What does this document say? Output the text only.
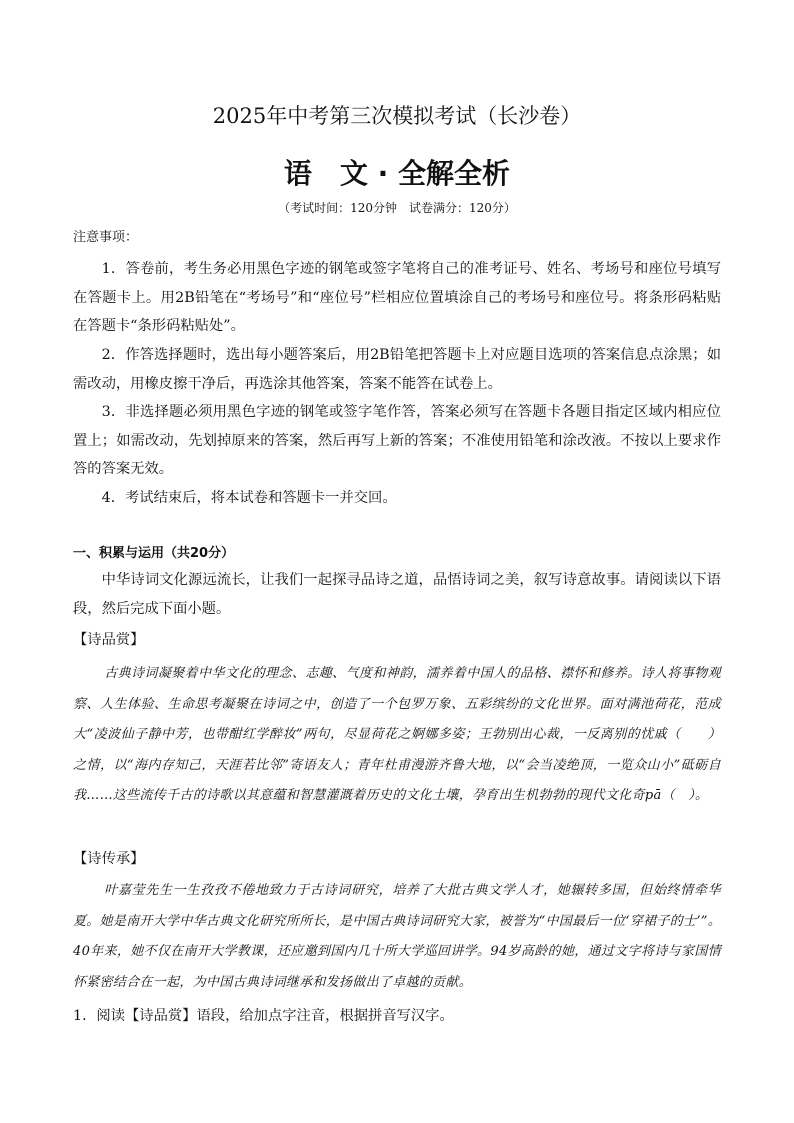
2025年中考第三次模拟考试（长沙卷）
语　文 · 全解全析
（考试时间：120分钟　试卷满分：120分）
注意事项：

1．答卷前，考生务必用黑色字迹的钢笔或签字笔将自己的准考证号、姓名、考场号和座位号填写在答题卡上。用2B铅笔在“考场号”和“座位号”栏相应位置填涂自己的考场号和座位号。将条形码粘贴在答题卡“条形码粘贴处”。

2．作答选择题时，选出每小题答案后，用2B铅笔把答题卡上对应题目选项的答案信息点涂黑；如需改动，用橡皮擦干净后，再选涂其他答案，答案不能答在试卷上。

3．非选择题必须用黑色字迹的钢笔或签字笔作答，答案必须写在答题卡各题目指定区域内相应位置上；如需改动，先划掉原来的答案，然后再写上新的答案；不准使用铅笔和涂改液。不按以上要求作答的答案无效。

4．考试结束后，将本试卷和答题卡一并交回。

一、积累与运用（共20分）

中华诗词文化源远流长，让我们一起探寻品诗之道，品悟诗词之美，叙写诗意故事。请阅读以下语段，然后完成下面小题。

【诗品赏】

古典诗词凝聚着中华文化的理念、志趣、气度和神韵，濡养着中国人的品格、襟怀和修养。诗人将事物观察、人生体验、生命思考凝聚在诗词之中，创造了一个包罗万象、五彩缤纷的文化世界。面对满池荷花，范成大“凌波仙子静中芳，也带酣红学醉妆”两句，尽显荷花之婀娜多姿；王勃别出心裁，一反离别的忧戚（　　）之情，以“海内存知己，天涯若比邻”寄语友人；青年杜甫漫游齐鲁大地，以“会当凌绝顶，一览众山小”砥砺自我……这些流传千古的诗歌以其意蕴和智慧灌溉着历史的文化土壤，孕育出生机勃勃的现代文化奇pā（　）。

【诗传承】

叶嘉莹先生一生孜孜不倦地致力于古诗词研究，培养了大批古典文学人才，她辗转多国，但始终情牵华夏。她是南开大学中华古典文化研究所所长，是中国古典诗词研究大家，被誉为“中国最后一位‘穿裙子的士’”。40年来，她不仅在南开大学教课，还应邀到国内几十所大学巡回讲学。94岁高龄的她，通过文字将诗与家国情怀紧密结合在一起，为中国古典诗词继承和发扬做出了卓越的贡献。

1．阅读【诗品赏】语段，给加点字注音，根据拼音写汉字。
